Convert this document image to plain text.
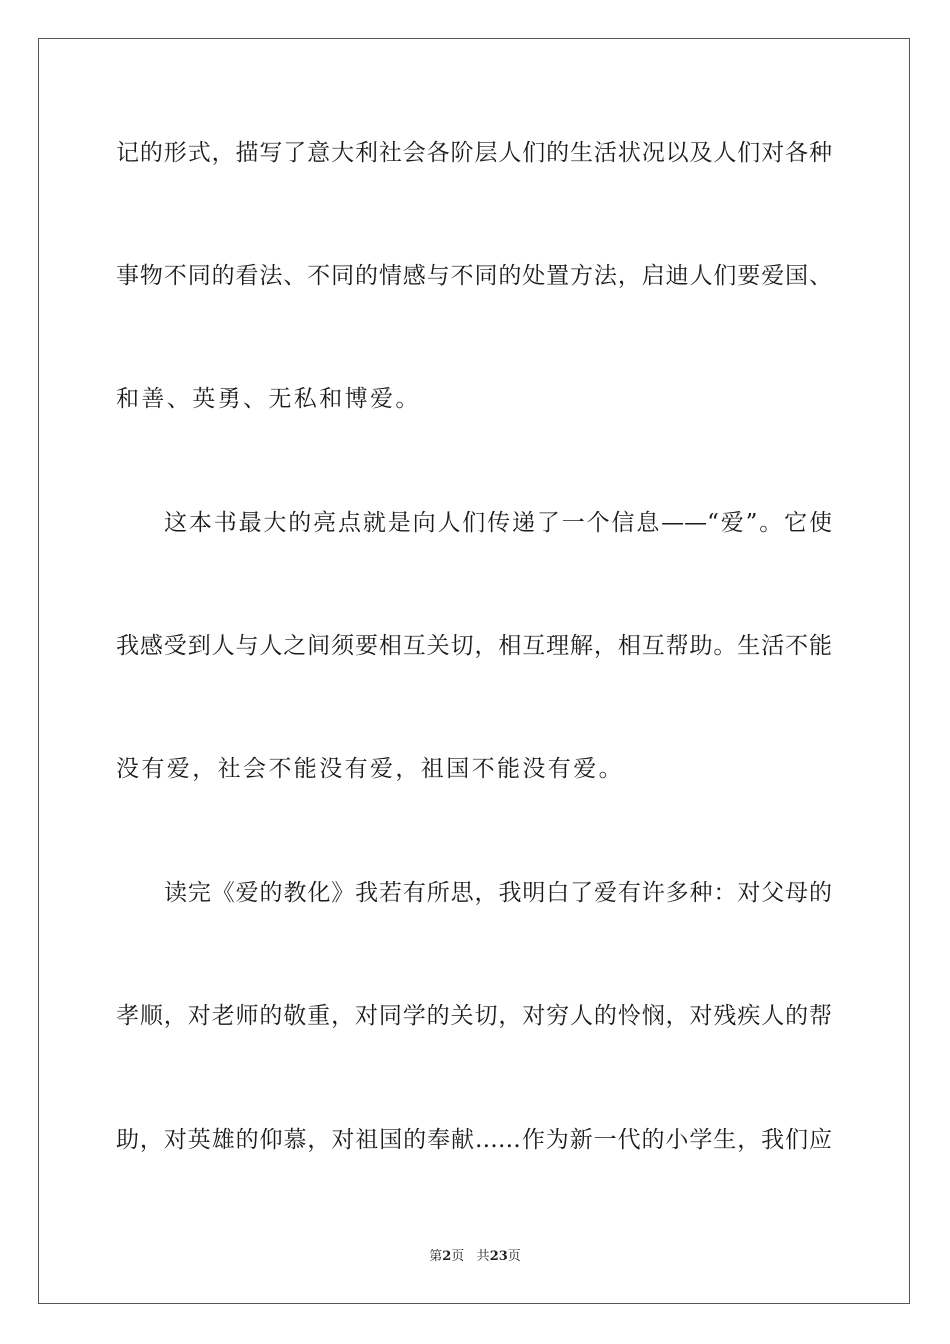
记的形式，描写了意大利社会各阶层人们的生活状况以及人们对各种
事物不同的看法、不同的情感与不同的处置方法，启迪人们要爱国、
和善、英勇、无私和博爱。
这本书最大的亮点就是向人们传递了一个信息——“爱”。它使
我感受到人与人之间须要相互关切，相互理解，相互帮助。生活不能
没有爱，社会不能没有爱，祖国不能没有爱。
读完《爱的教化》我若有所思，我明白了爱有许多种：对父母的
孝顺，对老师的敬重，对同学的关切，对穷人的怜悯，对残疾人的帮
助，对英雄的仰慕，对祖国的奉献……作为新一代的小学生，我们应
第2页 共23页
